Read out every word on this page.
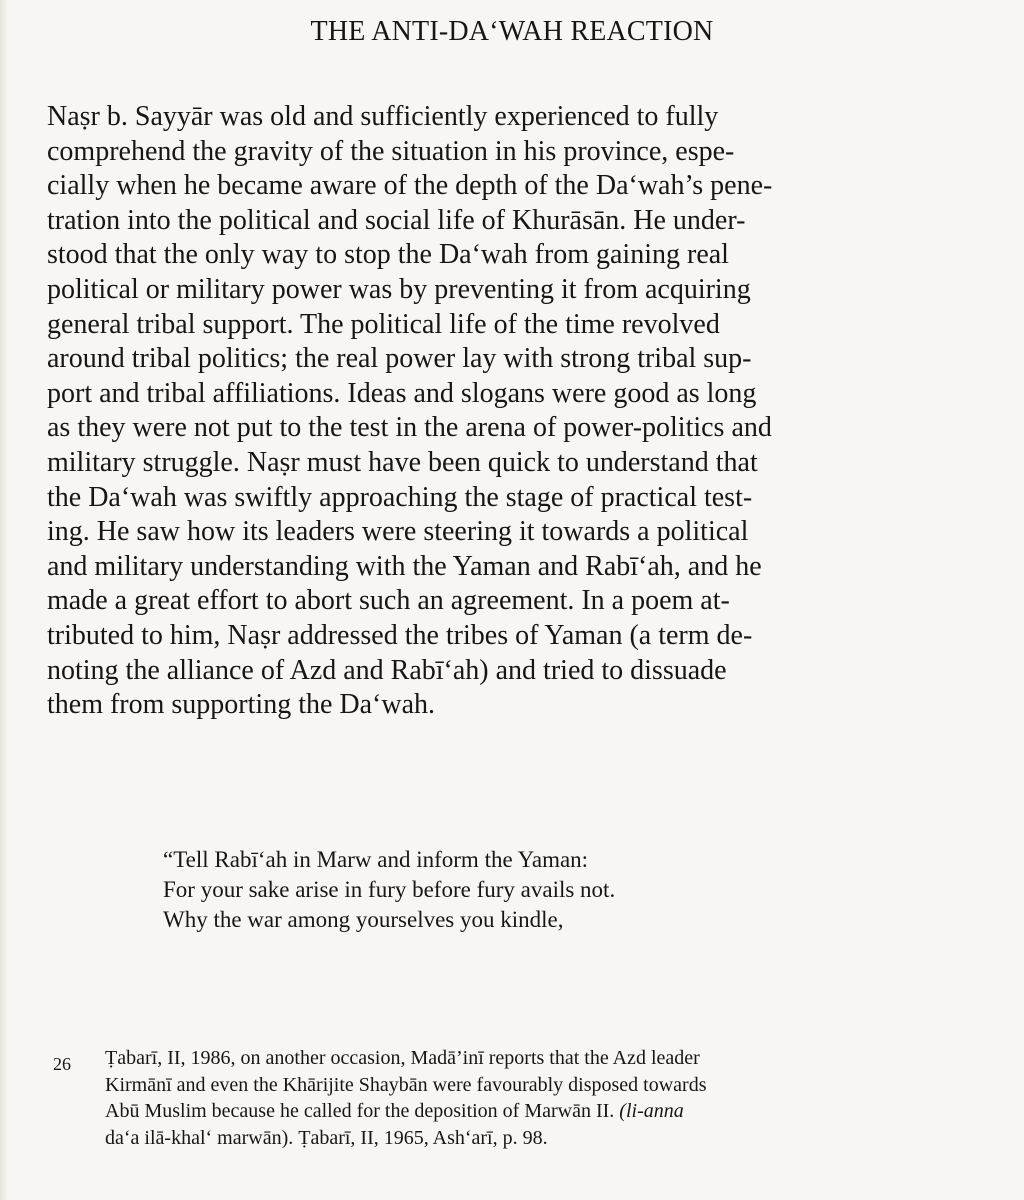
THE ANTI-DA‘WAH REACTION
Naṣr b. Sayyār was old and sufficiently experienced to fully
comprehend the gravity of the situation in his province, espe-
cially when he became aware of the depth of the Da‘wah’s pene-
tration into the political and social life of Khurāsān. He under-
stood that the only way to stop the Da‘wah from gaining real
political or military power was by preventing it from acquiring
general tribal support. The political life of the time revolved
around tribal politics; the real power lay with strong tribal sup-
port and tribal affiliations. Ideas and slogans were good as long
as they were not put to the test in the arena of power-politics and
military struggle. Naṣr must have been quick to understand that
the Da‘wah was swiftly approaching the stage of practical test-
ing. He saw how its leaders were steering it towards a political
and military understanding with the Yaman and Rabī‘ah, and he
made a great effort to abort such an agreement. In a poem at-
tributed to him, Naṣr addressed the tribes of Yaman (a term de-
noting the alliance of Azd and Rabī‘ah) and tried to dissuade
them from supporting the Da‘wah.
“Tell Rabī‘ah in Marw and inform the Yaman:
For your sake arise in fury before fury avails not.
Why the war among yourselves you kindle,
26 Ṭabarī, II, 1986, on another occasion, Madā’inī reports that the Azd leader
Kirmānī and even the Khārijite Shaybān were favourably disposed towards
Abū Muslim because he called for the deposition of Marwān II. (li-anna
da‘a ilā-khal‘ marwān). Ṭabarī, II, 1965, Ash‘arī, p. 98.
